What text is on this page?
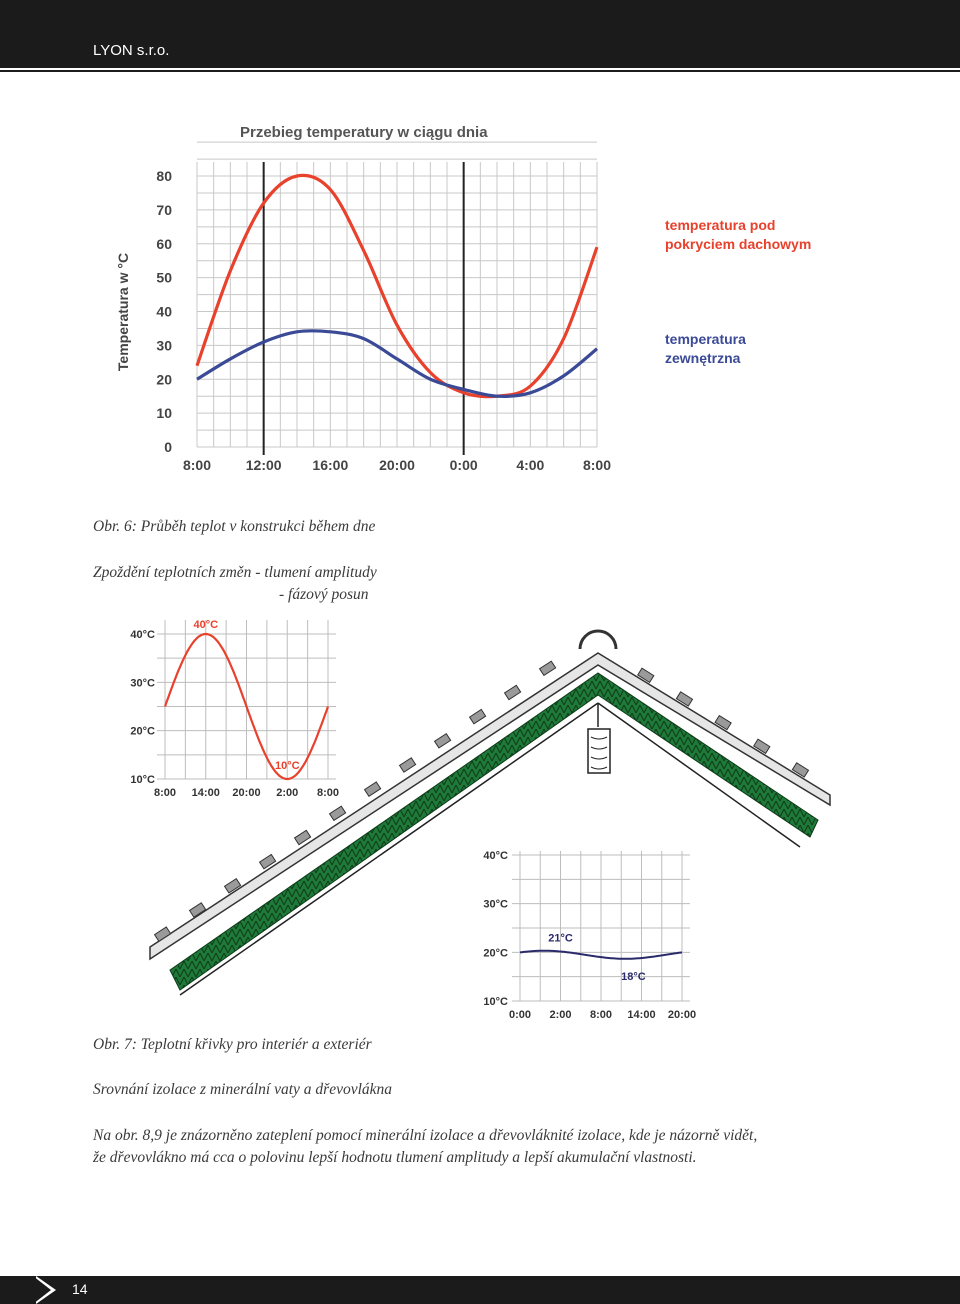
LYON s.r.o.
Przebieg temperatury w ciągu dnia
Temperatura w °C
0
10
20
30
40
50
60
70
80
8:00 12:00 16:00 20:00 0:00	4:00	8:00
temperatura pod
pokryciem dachowym
temperatura
zewnętrzna
Obr. 6: Průběh teplot v konstrukci během dne
Zpoždění teplotních změn - tlumení amplitudy
- fázový posun
10°C
20°C
30°C
40°C
8:00 14:00 20:00 2:00 8:00
40°C
10°C
10°C
20°C
30°C
40°C
0:00 2:00 8:00 14:00 20:00
21°C
18°C
Obr. 7: Teplotní křivky pro interiér a exteriér
Srovnání izolace z minerální vaty a dřevovlákna
Na obr. 8,9 je znázorněno zateplení pomocí minerální izolace a dřevovláknité izolace, kde je názorně vidět,
že dřevovlákno má cca o polovinu lepší hodnotu tlumení amplitudy a lepší akumulační vlastnosti.
14
